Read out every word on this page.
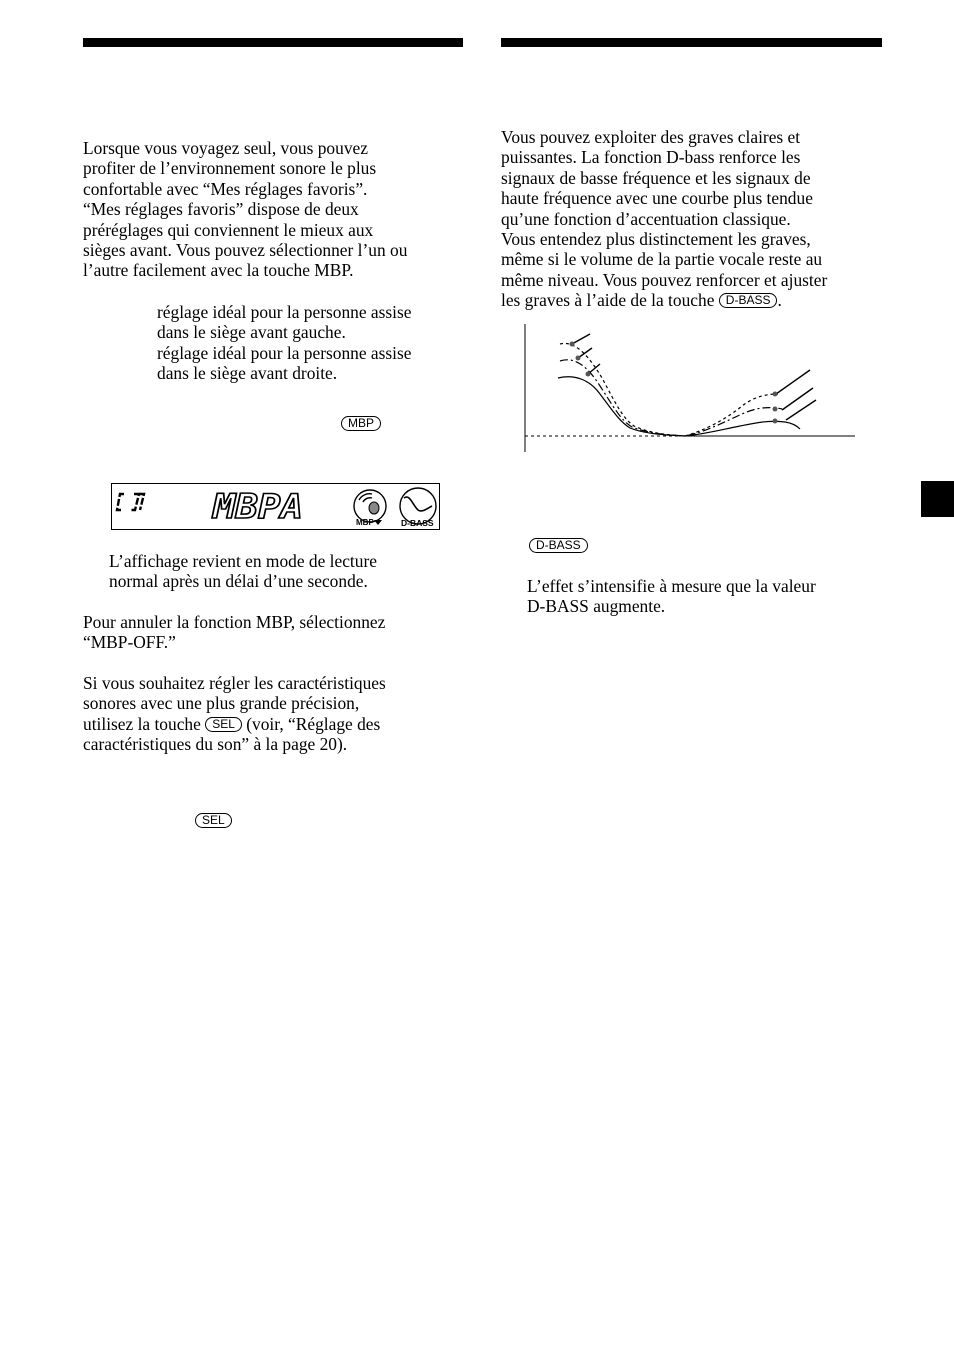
Lorsque vous voyagez seul, vous pouvez
profiter de l’environnement sonore le plus
confortable avec “Mes réglages favoris”.
“Mes réglages favoris” dispose de deux
préréglages qui conviennent le mieux aux
sièges avant. Vous pouvez sélectionner l’un ou
l’autre facilement avec la touche MBP.
réglage idéal pour la personne assise
dans le siège avant gauche.
réglage idéal pour la personne assise
dans le siège avant droite.
MBP
MBPA	MBP	D-BASS
L’affichage revient en mode de lecture
normal après un délai d’une seconde.
Pour annuler la fonction MBP, sélectionnez
“MBP-OFF.”
Si vous souhaitez régler les caractéristiques
sonores avec une plus grande précision,
utilisez la touche SEL (voir, “Réglage des
caractéristiques du son” à la page 20).
SEL
Vous pouvez exploiter des graves claires et
puissantes. La fonction D-bass renforce les
signaux de basse fréquence et les signaux de
haute fréquence avec une courbe plus tendue
qu’une fonction d’accentuation classique.
Vous entendez plus distinctement les graves,
même si le volume de la partie vocale reste au
même niveau. Vous pouvez renforcer et ajuster
les graves à l’aide de la touche D-BASS .
D-BASS
L’effet s’intensifie à mesure que la valeur
D-BASS augmente.
